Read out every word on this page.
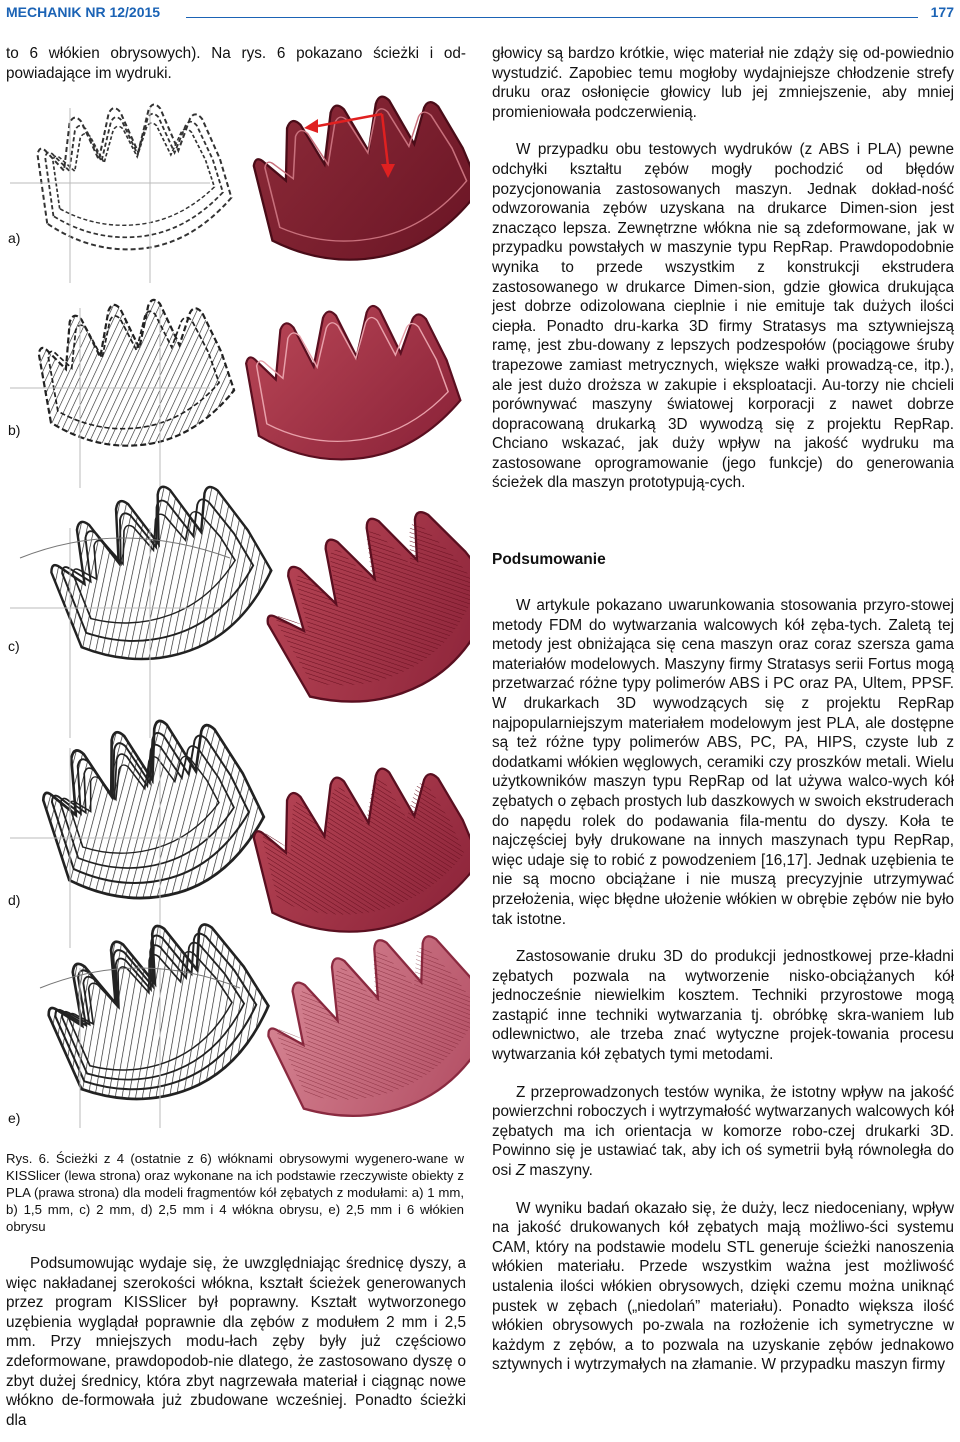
MECHANIK NR 12/2015	177

to 6 włókien obrysowych). Na rys. 6 pokazano ścieżki i od-powiadające im wydruki.

a)
b)
c)
d)
e)
Rys. 6. Ścieżki z 4 (ostatnie z 6) włóknami obrysowymi wygenero-wane w KISSlicer (lewa strona) oraz wykonane na ich podstawie rzeczywiste obiekty z PLA (prawa strona) dla modeli fragmentów kół zębatych z modułami: a) 1 mm, b) 1,5 mm, c) 2 mm, d) 2,5 mm i 4 włókna obrysu, e) 2,5 mm i 6 włókien obrysu

Podsumowując wydaje się, że uwzględniając średnicę dyszy, a więc nakładanej szerokości włókna, kształt ścieżek generowanych przez program KISSlicer był poprawny. Kształt wytworzonego uzębienia wyglądał poprawnie dla zębów z modułem 2 mm i 2,5 mm. Przy mniejszych modu-łach zęby były już częściowo zdeformowane, prawdopodob-nie dlatego, że zastosowano dyszę o zbyt dużej średnicy, która zbyt nagrzewała materiał i ciągnąc nowe włókno de-formowała już zbudowane wcześniej. Ponadto ścieżki dla

głowicy są bardzo krótkie, więc materiał nie zdąży się od-powiednio wystudzić. Zapobiec temu mogłoby wydajniejsze chłodzenie strefy druku oraz osłonięcie głowicy lub jej zmniejszenie, aby mniej promieniowała podczerwienią.

W przypadku obu testowych wydruków (z ABS i PLA) pewne odchyłki kształtu zębów mogły pochodzić od błędów pozycjonowania zastosowanych maszyn. Jednak dokład-ność odwzorowania zębów uzyskana na drukarce Dimen-sion jest znacząco lepsza. Zewnętrzne włókna nie są zdeformowane, jak w przypadku powstałych w maszynie typu RepRap. Prawdopodobnie wynika to przede wszystkim z konstrukcji ekstrudera zastosowanego w drukarce Dimen-sion, gdzie głowica drukująca jest dobrze odizolowana cieplnie i nie emituje tak dużych ilości ciepła. Ponadto dru-karka 3D firmy Stratasys ma sztywniejszą ramę, jest zbu-dowany z lepszych podzespołów (pociągowe śruby trapezowe zamiast metrycznych, większe wałki prowadzą-ce, itp.), ale jest dużo droższa w zakupie i eksploatacji. Au-torzy nie chcieli porównywać maszyny światowej korporacji z nawet dobrze dopracowaną drukarką 3D wywodzą się z projektu RepRap. Chciano wskazać, jak duży wpływ na jakość wydruku ma zastosowane oprogramowanie (jego funkcje) do generowania ścieżek dla maszyn prototypują-cych.

Podsumowanie

W artykule pokazano uwarunkowania stosowania przyro-stowej metody FDM do wytwarzania walcowych kół zęba-tych. Zaletą tej metody jest obniżająca się cena maszyn oraz coraz szersza gama materiałów modelowych. Maszyny firmy Stratasys serii Fortus mogą przetwarzać różne typy polimerów ABS i PC oraz PA, Ultem, PPSF. W drukarkach 3D wywodzących się z projektu RepRap najpopularniejszym materiałem modelowym jest PLA, ale dostępne są też różne typy polimerów ABS, PC, PA, HIPS, czyste lub z dodatkami włókien węglowych, ceramiki czy proszków metali. Wielu użytkowników maszyn typu RepRap od lat używa walco-wych kół zębatych o zębach prostych lub daszkowych w swoich ekstruderach do napędu rolek do podawania fila-mentu do dyszy. Koła te najczęściej były drukowane na innych maszynach typu RepRap, więc udaje się to robić z powodzeniem [16,17]. Jednak uzębienia te nie są mocno obciążane i nie muszą precyzyjnie utrzymywać przełożenia, więc błędne ułożenie włókien w obrębie zębów nie było tak istotne.

Zastosowanie druku 3D do produkcji jednostkowej prze-kładni zębatych pozwala na wytworzenie nisko-obciążanych kół jednocześnie niewielkim kosztem. Techniki przyrostowe mogą zastąpić inne techniki wytwarzania tj. obróbkę skra-waniem lub odlewnictwo, ale trzeba znać wytyczne projek-towania procesu wytwarzania kół zębatych tymi metodami.

Z przeprowadzonych testów wynika, że istotny wpływ na jakość powierzchni roboczych i wytrzymałość wytwarzanych walcowych kół zębatych ma ich orientacja w komorze robo-czej drukarki 3D. Powinno się je ustawiać tak, aby ich oś symetrii byłą równoległa do osi Z maszyny.

W wyniku badań okazało się, że duży, lecz niedoceniany, wpływ na jakość drukowanych kół zębatych mają możliwo-ści systemu CAM, który na podstawie modelu STL generuje ścieżki nanoszenia włókien materiału. Przede wszystkim ważna jest możliwość ustalenia ilości włókien obrysowych, dzięki czemu można uniknąć pustek w zębach („niedolań” materiału). Ponadto większa ilość włókien obrysowych po-zwala na rozłożenie ich symetryczne w każdym z zębów, a to pozwala na uzyskanie zębów jednakowo sztywnych i wytrzymałych na złamanie. W przypadku maszyn firmy
